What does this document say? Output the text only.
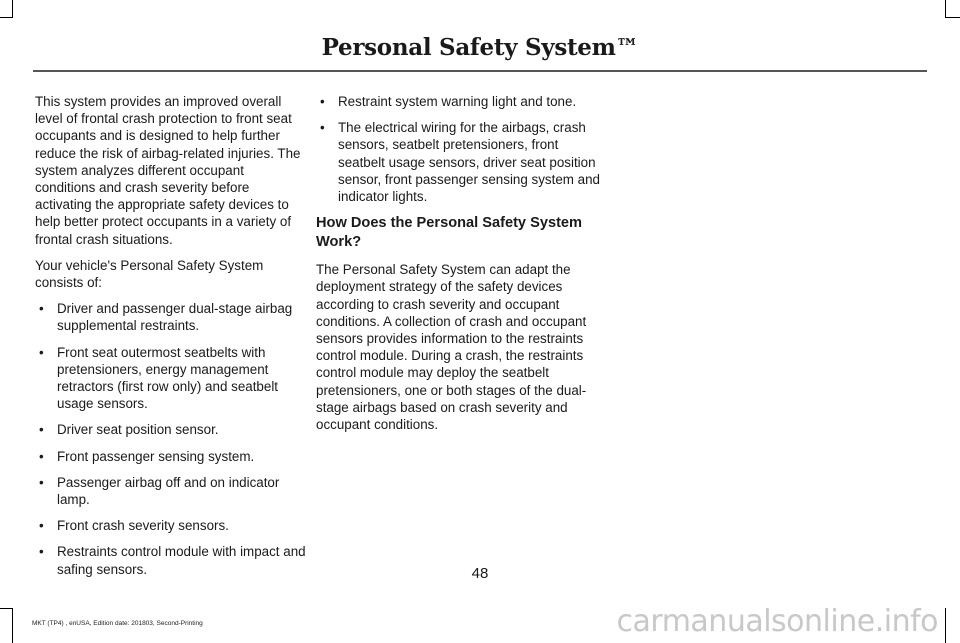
Personal Safety System™

This system provides an improved overall level of frontal crash protection to front seat occupants and is designed to help further reduce the risk of airbag-related injuries. The system analyzes different occupant conditions and crash severity before activating the appropriate safety devices to help better protect occupants in a variety of frontal crash situations.

Your vehicle's Personal Safety System consists of:

• Driver and passenger dual-stage airbag supplemental restraints.
• Front seat outermost seatbelts with pretensioners, energy management retractors (first row only) and seatbelt usage sensors.
• Driver seat position sensor.
• Front passenger sensing system.
• Passenger airbag off and on indicator lamp.
• Front crash severity sensors.
• Restraints control module with impact and safing sensors.
• Restraint system warning light and tone.
• The electrical wiring for the airbags, crash sensors, seatbelt pretensioners, front seatbelt usage sensors, driver seat position sensor, front passenger sensing system and indicator lights.
How Does the Personal Safety System Work?

The Personal Safety System can adapt the deployment strategy of the safety devices according to crash severity and occupant conditions. A collection of crash and occupant sensors provides information to the restraints control module. During a crash, the restraints control module may deploy the seatbelt pretensioners, one or both stages of the dual-stage airbags based on crash severity and occupant conditions.

48
MKT (TP4) , enUSA, Edition date: 201803, Second-Printing	carmanualsonline.info
